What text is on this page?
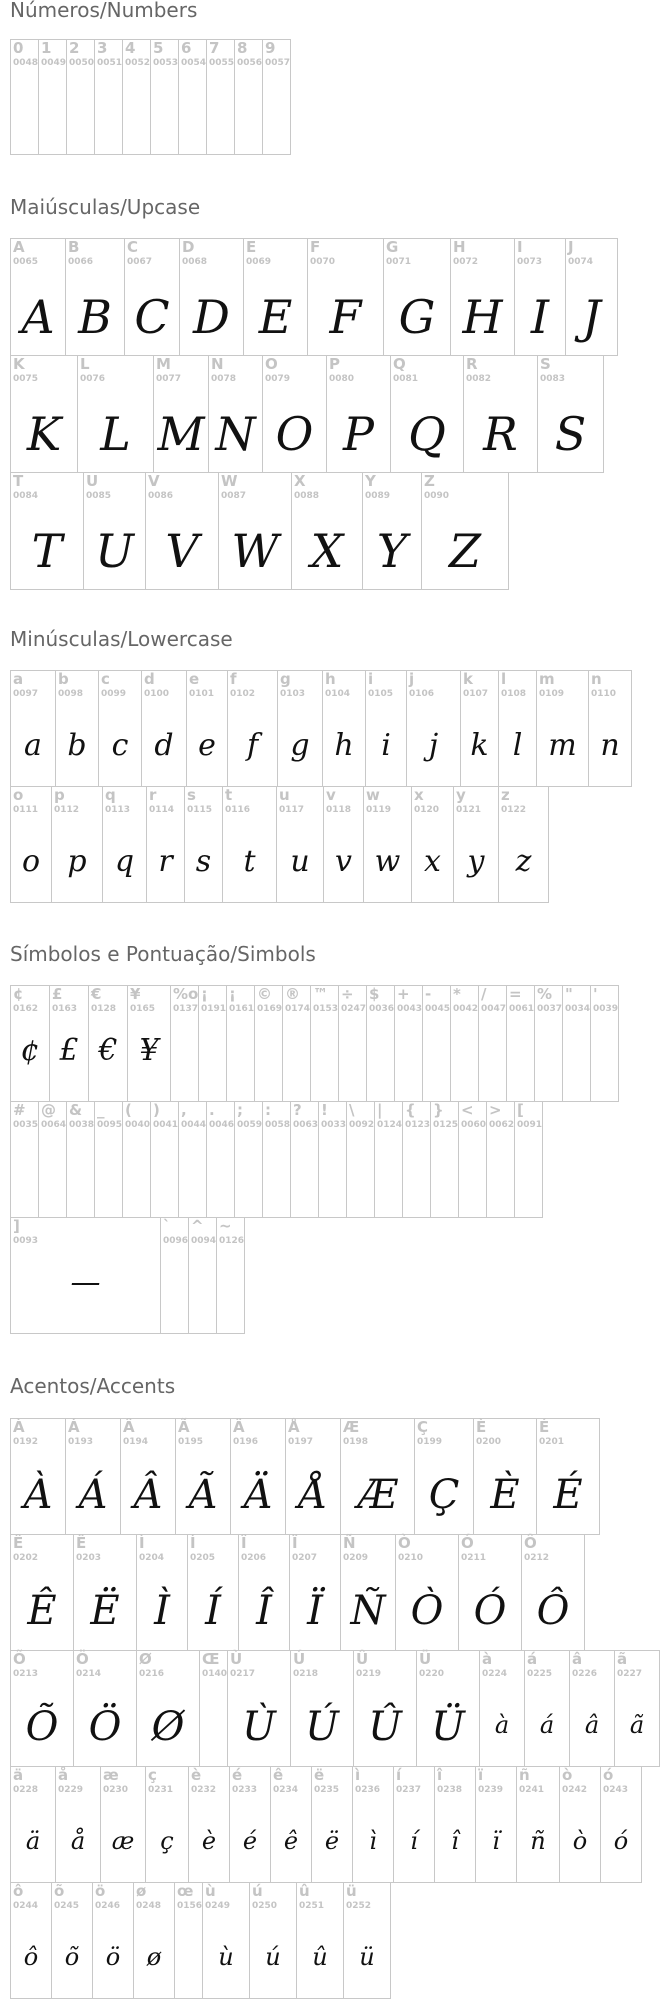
Números/Numbers
0
0048
1
0049
2
0050
3
0051
4
0052
5
0053
6
0054
7
0055
8
0056
9
0057
Maiúsculas/Upcase
A
0065
A
B
0066
B
C
0067
C
D
0068
D
E
0069
E
F
0070
F
G
0071
G
H
0072
H
I
0073
I
J
0074
J
K
0075
K
L
0076
L
M
0077
M
N
0078
N
O
0079
O
P
0080
P
Q
0081
Q
R
0082
R
S
0083
S
T
0084
T
U
0085
U
V
0086
V
W
0087
W
X
0088
X
Y
0089
Y
Z
0090
Z
Minúsculas/Lowercase
a
0097
a
b
0098
b
c
0099
c
d
0100
d
e
0101
e
f
0102
f
g
0103
g
h
0104
h
i
0105
i
j
0106
j
k
0107
k
l
0108
l
m
0109
m
n
0110
n
o
0111
o
p
0112
p
q
0113
q
r
0114
r
s
0115
s
t
0116
t
u
0117
u
v
0118
v
w
0119
w
x
0120
x
y
0121
y
z
0122
z
Símbolos e Pontuação/Simbols
¢
0162
¢
£
0163
£
€
0128
€
¥
0165
¥
%o
0137
¡
0191
¡
0161
©
0169
®
0174
™
0153
÷
0247
$
0036
+
0043
-
0045
*
0042
/
0047
=
0061
%
0037
"
0034
'
0039
#
0035
@
0064
&
0038
_
0095
(
0040
)
0041
,
0044
.
0046
;
0059
:
0058
?
0063
!
0033
\
0092
|
0124
{
0123
}
0125
<
0060
>
0062
[
0091
]
0093
—
`
0096
^
0094
~
0126
Acentos/Accents
À
0192
À
Á
0193
Á
Â
0194
Â
Ã
0195
Ã
Ä
0196
Ä
Å
0197
Å
Æ
0198
Æ
Ç
0199
Ç
È
0200
È
É
0201
É
Ê
0202
Ê
Ë
0203
Ë
Ì
0204
Ì
Í
0205
Í
Î
0206
Î
Ï
0207
Ï
Ñ
0209
Ñ
Ò
0210
Ò
Ó
0211
Ó
Ô
0212
Ô
Õ
0213
Õ
Ö
0214
Ö
Ø
0216
Ø
Œ
0140
Ù
0217
Ù
Ú
0218
Ú
Û
0219
Û
Ü
0220
Ü
à
0224
à
á
0225
á
â
0226
â
ã
0227
ã
ä
0228
ä
å
0229
å
æ
0230
æ
ç
0231
ç
è
0232
è
é
0233
é
ê
0234
ê
ë
0235
ë
ì
0236
ì
í
0237
í
î
0238
î
ï
0239
ï
ñ
0241
ñ
ò
0242
ò
ó
0243
ó
ô
0244
ô
õ
0245
õ
ö
0246
ö
ø
0248
ø
œ
0156
ù
0249
ù
ú
0250
ú
û
0251
û
ü
0252
ü
